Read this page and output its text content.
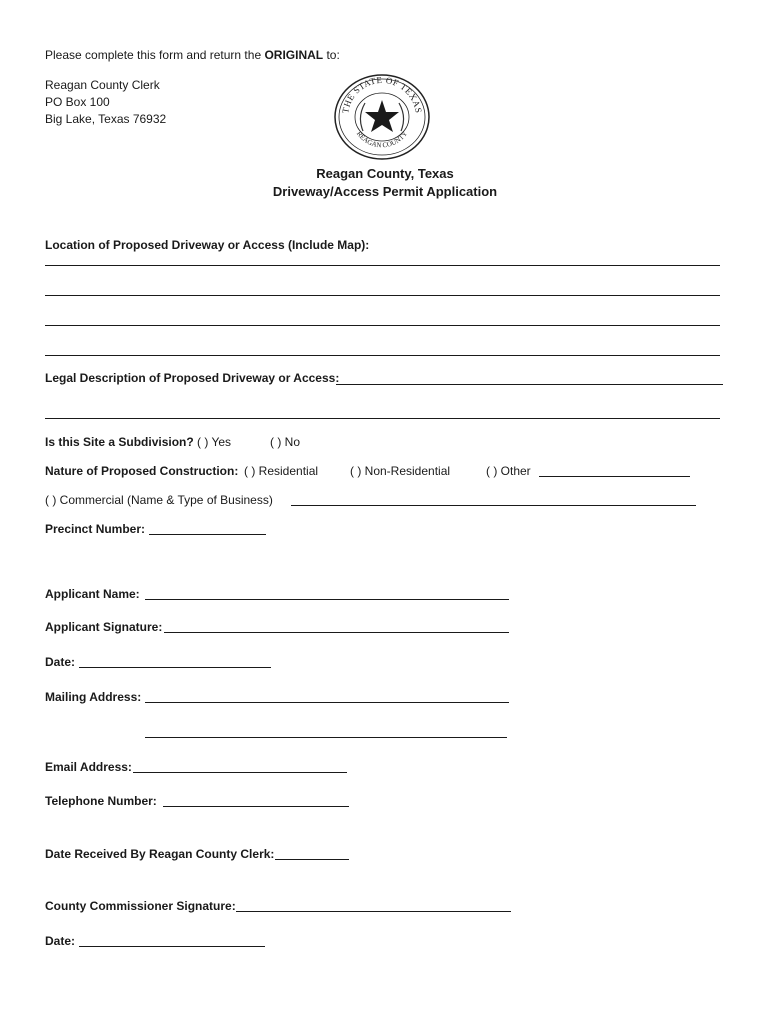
Please complete this form and return the ORIGINAL to:
Reagan County Clerk
PO Box 100
Big Lake, Texas 76932
THE STATE OF TEXAS
REAGAN COUNTY
Reagan County, Texas
Driveway/Access Permit Application
Location of Proposed Driveway or Access (Include Map):
Legal Description of Proposed Driveway or Access:
Is this Site a Subdivision? ( ) Yes	( ) No
Nature of Proposed Construction: ( ) Residential	( ) Non-Residential	( ) Other
( ) Commercial (Name & Type of Business)
Precinct Number:
Applicant Name:
Applicant Signature:
Date:
Mailing Address:
Email Address:
Telephone Number:
Date Received By Reagan County Clerk:
County Commissioner Signature:
Date:
